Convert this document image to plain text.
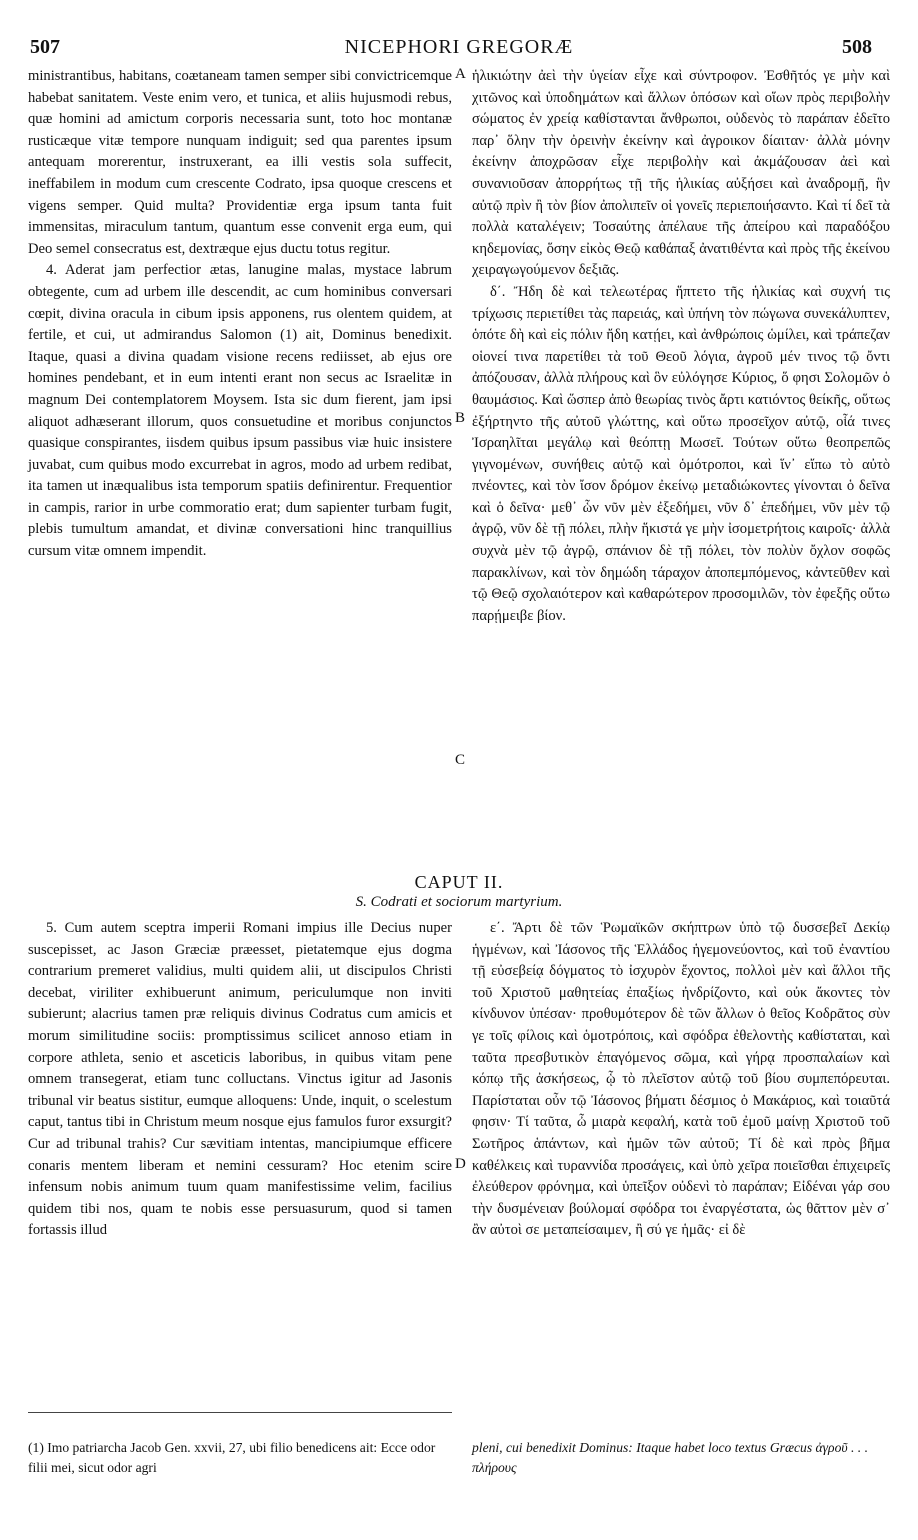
507	NICEPHORI GREGORÆ	508

ministrantibus, habitans, coætaneam tamen semper sibi convictricemque habebat sanitatem. Veste enim vero, et tunica, et aliis hujusmodi rebus, quæ homini ad amictum corporis necessaria sunt, toto hoc montanæ rusticæque vitæ tempore nunquam indiguit; sed qua parentes ipsum antequam morerentur, instruxerant, ea illi vestis sola suffecit, ineffabilem in modum cum crescente Codrato, ipsa quoque crescens et vigens semper. Quid multa? Providentiæ erga ipsum tanta fuit immensitas, miraculum tantum, quantum esse convenit erga eum, qui Deo semel consecratus est, dextræque ejus ductu totus regitur.

4. Aderat jam perfectior ætas, lanugine malas, mystace labrum obtegente, cum ad urbem ille descendit, ac cum hominibus conversari cœpit, divina oracula in cibum ipsis apponens, rus olentem quidem, at fertile, et cui, ut admirandus Salomon (1) ait, Dominus benedixit. Itaque, quasi a divina quadam visione recens rediisset, ab ejus ore homines pendebant, et in eum intenti erant non secus ac Israelitæ in magnum Dei contemplatorem Moysem. Ista sic dum fierent, jam ipsi aliquot adhæserant illorum, quos consuetudine et moribus conjunctos quasique conspirantes, iisdem quibus ipsum passibus viæ huic insistere juvabat, cum quibus modo excurrebat in agros, modo ad urbem redibat, ita tamen ut inæqualibus ista temporum spatiis definirentur. Frequentior in campis, rarior in urbe commoratio erat; dum sapienter turbam fugit, plebis tumultum amandat, et divinæ conversationi hinc tranquillius cursum vitæ omnem impendit.

ἡλικιώτην ἀεὶ τὴν ὑγείαν εἶχε καὶ σύντροφον. Ἐσθῆτός γε μὴν καὶ χιτῶνος καὶ ὑποδημάτων καὶ ἄλλων ὁπόσων καὶ οἵων πρὸς περιβολὴν σώματος ἐν χρείᾳ καθίστανται ἄνθρωποι, οὐδενὸς τὸ παράπαν ἐδεῖτο παρ᾿ ὅλην τὴν ὀρεινὴν ἐκείνην καὶ ἀγροικον δίαιταν· ἀλλὰ μόνην ἐκείνην ἀποχρῶσαν εἶχε περιβολὴν καὶ ἀκμάζουσαν ἀεὶ καὶ συνανιοῦσαν ἀπορρήτως τῇ τῆς ἡλικίας αὐξήσει καὶ ἀναδρομῇ, ἣν αὐτῷ πρὶν ἢ τὸν βίον ἀπολιπεῖν οἱ γονεῖς περιεποιήσαντο. Καὶ τί δεῖ τὰ πολλὰ καταλέγειν; Τοσαύτης ἀπέλαυε τῆς ἀπείρου καὶ παραδόξου κηδεμονίας, ὅσην εἰκὸς Θεῷ καθάπαξ ἀνατιθέντα καὶ πρὸς τῆς ἐκείνου χειραγωγούμενον δεξιᾶς.

δ΄. Ἤδη δὲ καὶ τελεωτέρας ἥπτετο τῆς ἡλικίας καὶ συχνή τις τρίχωσις περιετίθει τὰς παρειάς, καὶ ὑπήνη τὸν πώγωνα συνεκάλυπτεν, ὁπότε δὴ καὶ εἰς πόλιν ἤδη κατῄει, καὶ ἀνθρώποις ὡμίλει, καὶ τράπεζαν οἱονεί τινα παρετίθει τὰ τοῦ Θεοῦ λόγια, ἀγροῦ μέν τινος τῷ ὄντι ἀπόζουσαν, ἀλλὰ πλήρους καὶ ὃν εὐλόγησε Κύριος, ὅ φησι Σολομῶν ὁ θαυμάσιος. Καὶ ὥσπερ ἀπὸ θεωρίας τινὸς ἄρτι κατιόντος θείκῆς, οὕτως ἐξήρτηντο τῆς αὐτοῦ γλώττης, καὶ οὕτω προσεῖχον αὐτῷ, οἷά τινες Ἰσραηλῖται μεγάλῳ καὶ θεόπτῃ Μωσεῖ. Τούτων οὕτω θεοπρεπῶς γιγνομένων, συνήθεις αὐτῷ καὶ ὁμότροποι, καὶ ἵν᾿ εἴπω τὸ αὐτὸ πνέοντες, καὶ τὸν ἴσον δρόμον ἐκείνῳ μεταδιώκοντες γίνονται ὁ δεῖνα καὶ ὁ δεῖνα· μεθ᾿ ὧν νῦν μὲν ἐξεδήμει, νῦν δ᾿ ἐπεδήμει, νῦν μὲν τῷ ἀγρῷ, νῦν δὲ τῇ πόλει, πλὴν ἥκιστά γε μὴν ἰσομετρήτοις καιροῖς· ἀλλὰ συχνὰ μὲν τῷ ἀγρῷ, σπάνιον δὲ τῇ πόλει, τὸν πολὺν ὄχλον σοφῶς παρακλίνων, καὶ τὸν δημώδη τάραχον ἀποπεμπόμενος, κἀντεῦθεν καὶ τῷ Θεῷ σχολαιότερον καὶ καθαρώτερον προσομιλῶν, τὸν ἐφεξῆς οὕτω παρῄμειβε βίον.

A
B
C
D
CAPUT II.
S. Codrati et sociorum martyrium.

5. Cum autem sceptra imperii Romani impius ille Decius nuper suscepisset, ac Jason Græciæ præesset, pietatemque ejus dogma contrarium premeret validius, multi quidem alii, ut discipulos Christi decebat, viriliter exhibuerunt animum, periculumque non inviti subierunt; alacrius tamen præ reliquis divinus Codratus cum amicis et morum similitudine sociis: promptissimus scilicet annoso etiam in corpore athleta, senio et asceticis laboribus, in quibus vitam pene omnem transegerat, etiam tunc colluctans. Vinctus igitur ad Jasonis tribunal vir beatus sistitur, eumque alloquens: Unde, inquit, o scelestum caput, tantus tibi in Christum meum nosque ejus famulos furor exsurgit? Cur ad tribunal trahis? Cur sævitiam intentas, mancipiumque efficere conaris mentem liberam et nemini cessuram? Hoc etenim scire infensum nobis animum tuum quam manifestissime velim, facilius quidem tibi nos, quam te nobis esse persuasurum, quod si tamen fortassis illud

ε΄. Ἄρτι δὲ τῶν Ῥωμαϊκῶν σκήπτρων ὑπὸ τῷ δυσσεβεῖ Δεκίῳ ἡγμένων, καὶ Ἰάσονος τῆς Ἑλλάδος ἡγεμονεύοντος, καὶ τοῦ ἐναντίου τῇ εὐσεβείᾳ δόγματος τὸ ἰσχυρὸν ἔχοντος, πολλοὶ μὲν καὶ ἄλλοι τῆς τοῦ Χριστοῦ μαθητείας ἐπαξίως ἠνδρίζοντο, καὶ οὐκ ἄκοντες τὸν κίνδυνον ὑπέσαν· προθυμότερον δὲ τῶν ἄλλων ὁ θεῖος Κοδρᾶτος σὺν γε τοῖς φίλοις καὶ ὁμοτρόποις, καὶ σφόδρα ἐθελοντὴς καθίσταται, καὶ ταῦτα πρεσβυτικὸν ἐπαγόμενος σῶμα, καὶ γήρᾳ προσπαλαίων καὶ κόπῳ τῆς ἀσκήσεως, ᾧ τὸ πλεῖστον αὐτῷ τοῦ βίου συμπεπόρευται. Παρίσταται οὖν τῷ Ἰάσονος βήματι δέσμιος ὁ Μακάριος, καὶ τοιαῦτά φησιν· Τί ταῦτα, ὦ μιαρὰ κεφαλή, κατὰ τοῦ ἐμοῦ μαίνῃ Χριστοῦ τοῦ Σωτῆρος ἁπάντων, καὶ ἡμῶν τῶν αὐτοῦ; Τί δὲ καὶ πρὸς βῆμα καθέλκεις καὶ τυραννίδα προσάγεις, καὶ ὑπὸ χεῖρα ποιεῖσθαι ἐπιχειρεῖς ἐλεύθερον φρόνημα, καὶ ὑπεῖξον οὐδενὶ τὸ παράπαν; Εἰδέναι γάρ σου τὴν δυσμένειαν βούλομαί σφόδρα τοι ἐναργέστατα, ὡς θᾶττον μὲν σ᾿ ἂν αὐτοὶ σε μεταπείσαιμεν, ἢ σύ γε ἡμᾶς· εἰ δὲ

(1) Imo patriarcha Jacob Gen. xxvii, 27, ubi filio benedicens ait: Ecce odor filii mei, sicut odor agri
pleni, cui benedixit Dominus: Itaque habet loco textus Græcus ἀγροῦ . . . πλήρους
